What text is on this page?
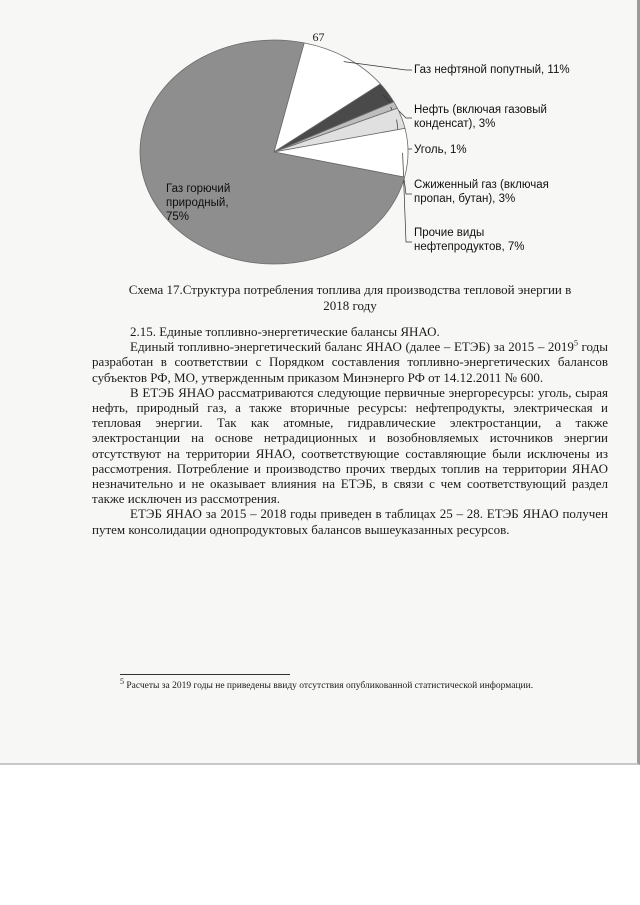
67
Газ нефтяной попутный, 11%
Нефть (включая газовый
конденсат), 3%
Уголь, 1%
Сжиженный газ (включая
пропан, бутан), 3%
Прочие виды
нефтепродуктов, 7%
Газ горючий
природный,
75%
Схема 17.Структура потребления топлива для производства тепловой энергии в
2018 году

2.15. Единые топливно-энергетические балансы ЯНАО.

Единый топливно-энергетический баланс ЯНАО (далее – ЕТЭБ) за 2015 – 2019$^5$ годы разработан в соответствии с Порядком составления топливно-энергетических балансов субъектов РФ, МО, утвержденным приказом Минэнерго РФ от 14.12.2011 № 600.

В ЕТЭБ ЯНАО рассматриваются следующие первичные энергоресурсы: уголь, сырая нефть, природный газ, а также вторичные ресурсы: нефтепродукты, электрическая и тепловая энергии. Так как атомные, гидравлические электростанции, а также электростанции на основе нетрадиционных и возобновляемых источников энергии отсутствуют на территории ЯНАО, соответствующие составляющие были исключены из рассмотрения. Потребление и производство прочих твердых топлив на территории ЯНАО незначительно и не оказывает влияния на ЕТЭБ, в связи с чем соответствующий раздел также исключен из рассмотрения.

ЕТЭБ ЯНАО за 2015 – 2018 годы приведен в таблицах 25 – 28. ЕТЭБ ЯНАО получен путем консолидации однопродуктовых балансов вышеуказанных ресурсов.

$^5$ Расчеты за 2019 годы не приведены ввиду отсутствия опубликованной статистической информации.
